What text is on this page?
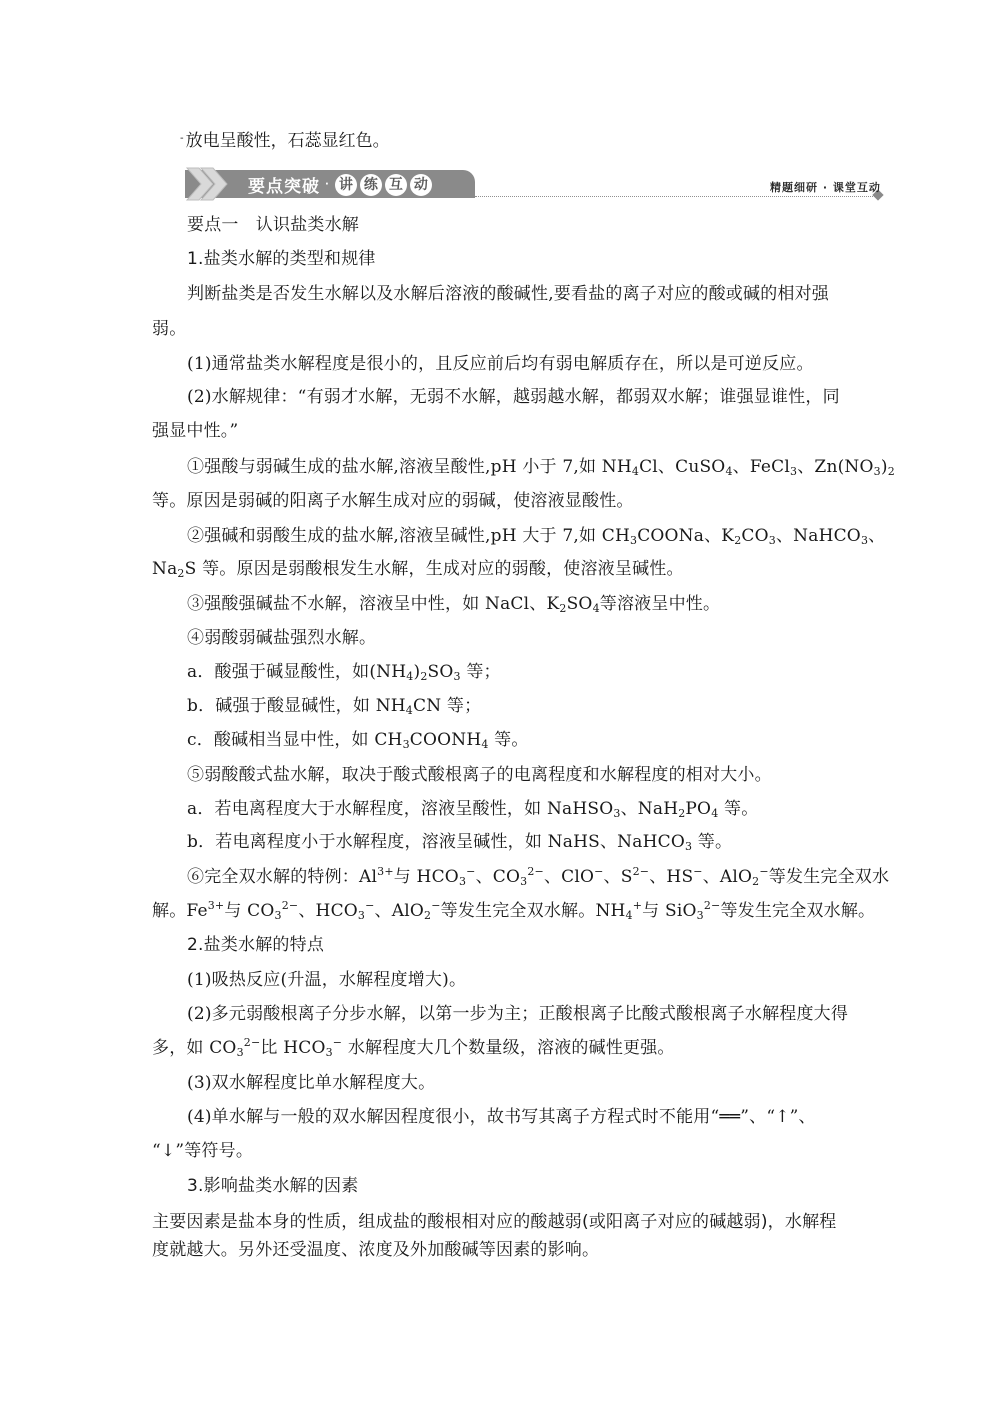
- 放电呈酸性，石蕊显红色。
要点突破 · 讲 练 互 动	精题细研 · 课堂互动
要点一　认识盐类水解
1.盐类水解的类型和规律
判断盐类是否发生水解以及水解后溶液的酸碱性,要看盐的离子对应的酸或碱的相对强
弱。
(1)通常盐类水解程度是很小的，且反应前后均有弱电解质存在，所以是可逆反应。
(2)水解规律：“有弱才水解，无弱不水解，越弱越水解，都弱双水解；谁强显谁性，同
强显中性。”
①强酸与弱碱生成的盐水解,溶液呈酸性,pH 小于 7,如 $NH_4Cl$、CuSO$_4$、FeCl$_3$、$Zn(NO_3)_2$
等。原因是弱碱的阳离子水解生成对应的弱碱，使溶液显酸性。
②强碱和弱酸生成的盐水解,溶液呈碱性,pH 大于 7,如 $CH_3COONa$、$K_2CO_3$、NaHCO$_3$、
$Na_2S$ 等。原因是弱酸根发生水解，生成对应的弱酸，使溶液呈碱性。
③强酸强碱盐不水解，溶液呈中性，如 NaCl、$K_2SO_4$等溶液呈中性。
④弱酸弱碱盐强烈水解。
a．酸强于碱显酸性，如$(NH_4)_2SO_3$ 等；
b．碱强于酸显碱性，如 $NH_4CN$ 等；
c．酸碱相当显中性，如 $CH_3COONH_4$ 等。
⑤弱酸酸式盐水解，取决于酸式酸根离子的电离程度和水解程度的相对大小。
a．若电离程度大于水解程度，溶液呈酸性，如 NaHSO$_3$、$NaH_2PO_4$ 等。
b．若电离程度小于水解程度，溶液呈碱性，如 NaHS、NaHCO$_3$ 等。
⑥完全双水解的特例：$Al^{3+}$与 $HCO_3^-$、$CO_3^{2-}$、ClO−、$S^{2-}$、HS−、AlO$_2$−等发生完全双水
解。$Fe^{3+}$与 $CO_3^{2-}$、$HCO_3^-$、AlO$_2$−等发生完全双水解。$NH_4^+$与 SiO$_3^{2-}$等发生完全双水解。
2.盐类水解的特点
(1)吸热反应(升温，水解程度增大)。
(2)多元弱酸根离子分步水解，以第一步为主；正酸根离子比酸式酸根离子水解程度大得
多，如 $CO_3^{2-}$比 $HCO_3^-$ 水解程度大几个数量级，溶液的碱性更强。
(3)双水解程度比单水解程度大。
(4)单水解与一般的双水解因程度很小，故书写其离子方程式时不能用“══”、“↑”、
“↓”等符号。
3.影响盐类水解的因素
主要因素是盐本身的性质，组成盐的酸根相对应的酸越弱(或阳离子对应的碱越弱)，水解程
度就越大。另外还受温度、浓度及外加酸碱等因素的影响。
